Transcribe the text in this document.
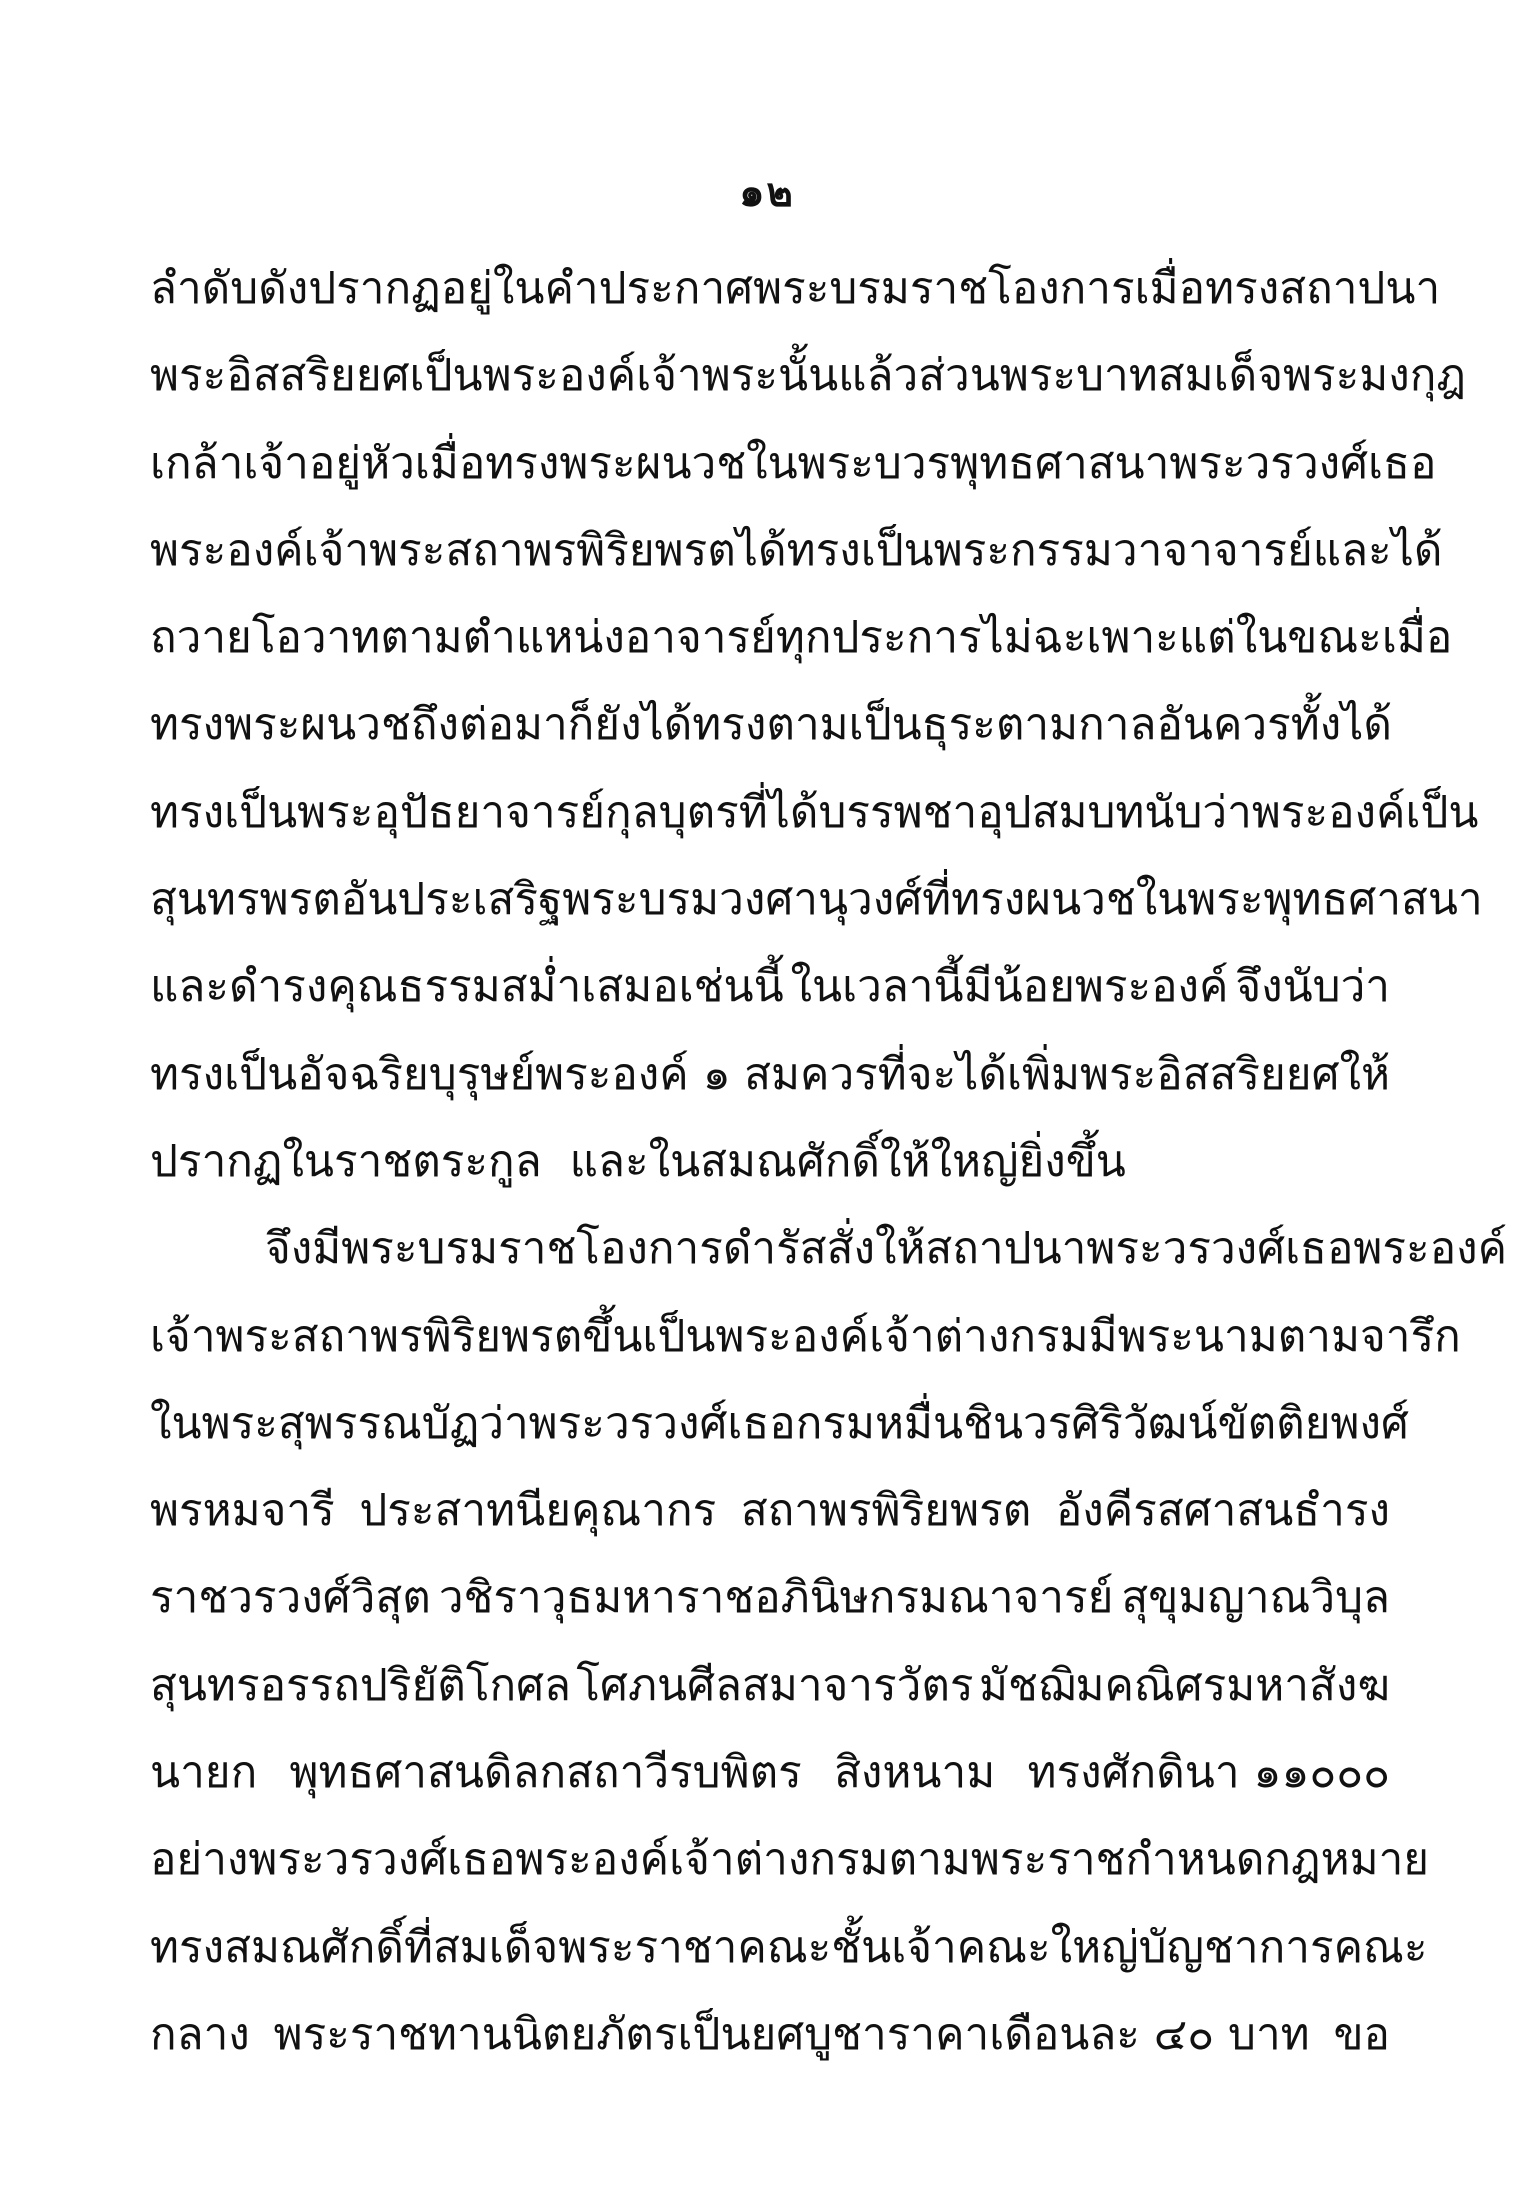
๑๒
ลำดับ ดังปรากฏอยู่ในคำประกาศพระบรมราชโองการเมื่อทรงสถาปนา
พระอิสสริยยศเป็นพระองค์เจ้าพระนั้นแล้ว ส่วนพระบาทสมเด็จพระมงกุฎ
เกล้าเจ้าอยู่หัว เมื่อทรงพระผนวชในพระบวรพุทธศาสนา พระวรวงศ์เธอ
พระองค์เจ้าพระสถาพรพิริยพรตได้ทรงเป็นพระกรรมวาจาจารย์ และได้
ถวายโอวาทตามตำแหน่งอาจารย์ทุกประการ ไม่ฉะเพาะแต่ในขณะเมื่อ
ทรงพระผนวช ถึงต่อมาก็ยังได้ทรงตามเป็นธุระตามกาลอันควร ทั้งได้
ทรงเป็นพระอุปัธยาจารย์กุลบุตรที่ได้บรรพชาอุปสมบท นับว่าพระองค์เป็น
สุนทรพรตอันประเสริฐ พระบรมวงศานุวงศ์ที่ทรงผนวชในพระพุทธศาสนา
และดำรงคุณธรรมสม่ำเสมอเช่นนี้ ในเวลานี้มีน้อยพระองค์ จึงนับว่า
ทรงเป็นอัจฉริยบุรุษย์พระองค์ ๑ สมควรที่จะได้เพิ่มพระอิสสริยยศให้
ปรากฏในราชตระกูล  และในสมณศักดิ์ให้ใหญ่ยิ่งขึ้น
จึงมีพระบรมราชโองการดำรัสสั่งให้สถาปนา พระวรวงศ์เธอ พระองค์
เจ้าพระสถาพรพิริยพรต ขึ้นเป็นพระองค์เจ้าต่างกรม มีพระนามตามจารึก
ในพระสุพรรณบัฏว่า พระวรวงศ์เธอ กรมหมื่นชินวรศิริวัฒน์ ขัตติยพงศ์
พรหมจารี ประสาทนียคุณากร สถาพรพิริยพรต อังคีรสศาสนธำรง
ราชวรวงศ์วิสุต วชิราวุธมหาราชอภินิษกรมณาจารย์ สุขุมญาณวิบุล
สุนทรอรรถปริยัติโกศล โศภนศีลสมาจารวัตร มัชฌิมคณิศรมหาสังฆ
นายก พุทธศาสนดิลกสถาวีรบพิตร สิงหนาม ทรงศักดินา ๑๑๐๐๐
อย่างพระวรวงศ์เธอ พระองค์เจ้าต่างกรม ตามพระราชกำหนดกฎหมาย
ทรงสมณศักดิ์ที่สมเด็จพระราชาคณะชั้นเจ้าคณะใหญ่ บัญชาการคณะ
กลาง พระราชทานนิตยภัตรเป็นยศบูชาราคาเดือนละ ๔๐ บาท ขอ
